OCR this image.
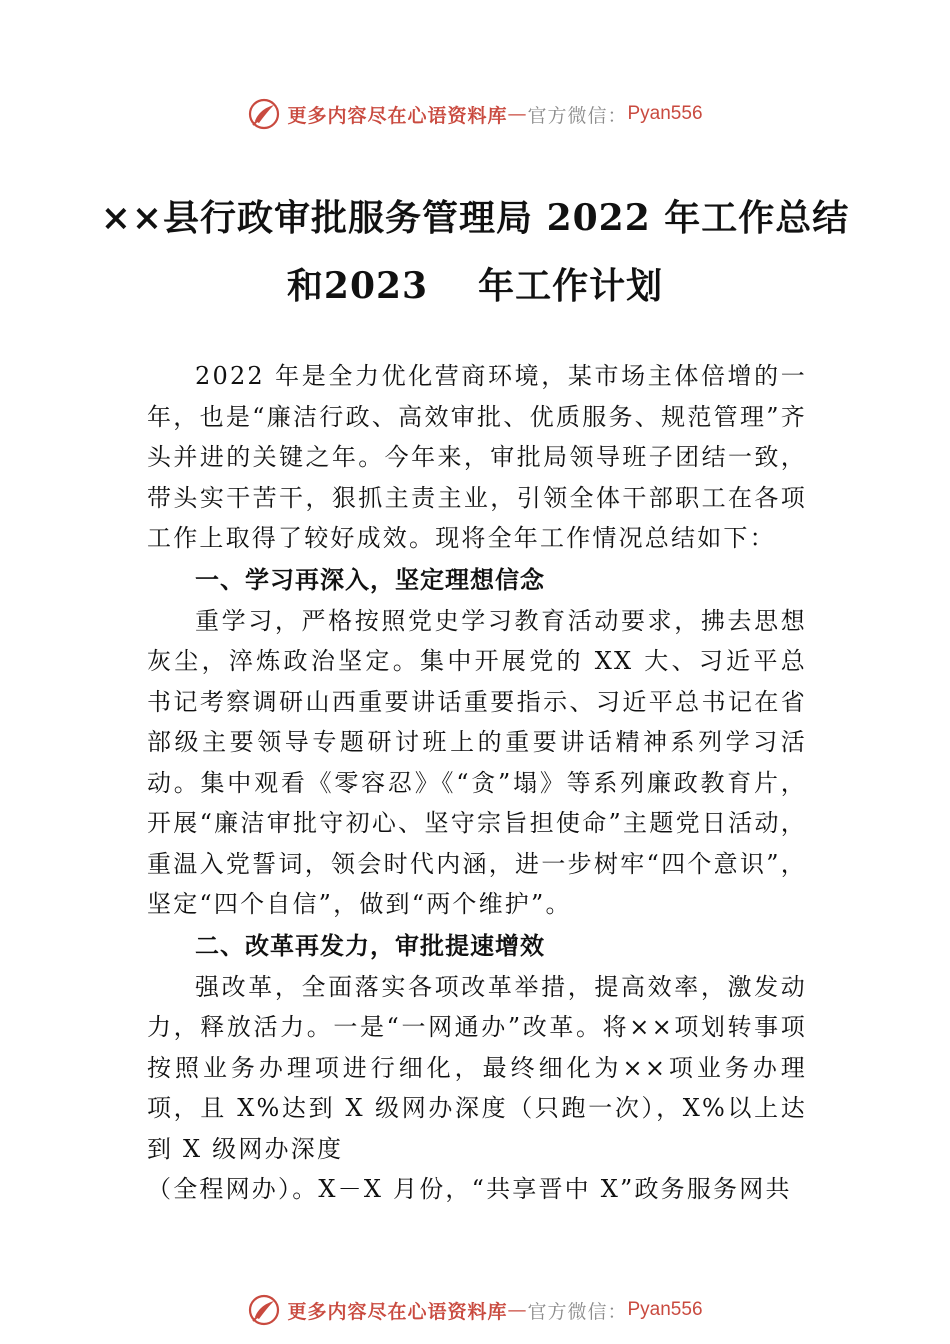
更多内容尽在心语资料库 — 官方微信： Pyan556
××县行政审批服务管理局 2022 年工作总结
和2023 年工作计划

2022 年是全力优化营商环境，某市场主体倍增的一年，也是“廉洁行政、高效审批、优质服务、规范管理”齐头并进的关键之年。今年来，审批局领导班子团结一致，带头实干苦干，狠抓主责主业，引领全体干部职工在各项工作上取得了较好成效。现将全年工作情况总结如下：

一、学习再深入，坚定理想信念

重学习，严格按照党史学习教育活动要求，拂去思想灰尘，淬炼政治坚定。集中开展党的 XX 大、习近平总书记考察调研山西重要讲话重要指示、习近平总书记在省部级主要领导专题研讨班上的重要讲话精神系列学习活动。集中观看《零容忍》《“贪”塌》等系列廉政教育片，开展“廉洁审批守初心、坚守宗旨担使命”主题党日活动，重温入党誓词，领会时代内涵，进一步树牢“四个意识”，坚定“四个自信”，做到“两个维护”。

二、改革再发力，审批提速增效

强改革，全面落实各项改革举措，提高效率，激发动力，释放活力。一是“一网通办”改革。将××项划转事项按照业务办理项进行细化，最终细化为××项业务办理项，且 X%达到 X 级网办深度（只跑一次），X%以上达到 X 级网办深度

（全程网办）。X－X 月份，“共享晋中 X”政务服务网共

更多内容尽在心语资料库 — 官方微信： Pyan556
